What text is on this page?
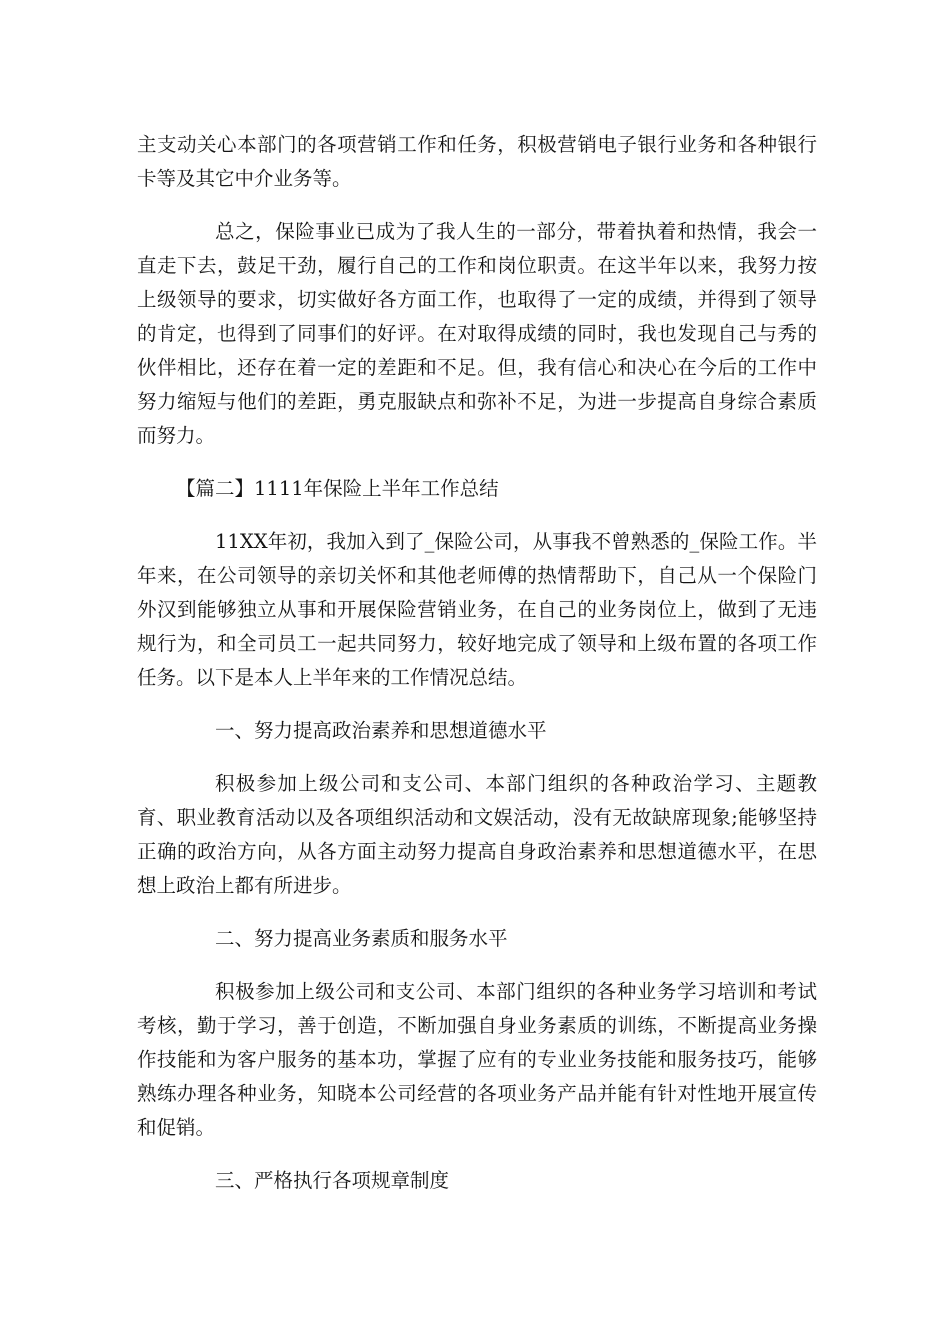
主支动关心本部门的各项营销工作和任务，积极营销电子银行业务和各种银行卡等及其它中介业务等。

总之，保险事业已成为了我人生的一部分，带着执着和热情，我会一直走下去，鼓足干劲，履行自己的工作和岗位职责。在这半年以来，我努力按上级领导的要求，切实做好各方面工作，也取得了一定的成绩，并得到了领导的肯定，也得到了同事们的好评。在对取得成绩的同时，我也发现自己与秀的伙伴相比，还存在着一定的差距和不足。但，我有信心和决心在今后的工作中努力缩短与他们的差距，勇克服缺点和弥补不足，为进一步提高自身综合素质而努力。

【篇二】1111年保险上半年工作总结

11XX年初，我加入到了_保险公司，从事我不曾熟悉的_保险工作。半年来，在公司领导的亲切关怀和其他老师傅的热情帮助下，自己从一个保险门外汉到能够独立从事和开展保险营销业务，在自己的业务岗位上，做到了无违规行为，和全司员工一起共同努力，较好地完成了领导和上级布置的各项工作任务。以下是本人上半年来的工作情况总结。

一、努力提高政治素养和思想道德水平

积极参加上级公司和支公司、本部门组织的各种政治学习、主题教育、职业教育活动以及各项组织活动和文娱活动，没有无故缺席现象;能够坚持正确的政治方向，从各方面主动努力提高自身政治素养和思想道德水平，在思想上政治上都有所进步。

二、努力提高业务素质和服务水平

积极参加上级公司和支公司、本部门组织的各种业务学习培训和考试考核，勤于学习，善于创造，不断加强自身业务素质的训练，不断提高业务操作技能和为客户服务的基本功，掌握了应有的专业业务技能和服务技巧，能够熟练办理各种业务，知晓本公司经营的各项业务产品并能有针对性地开展宣传和促销。

三、严格执行各项规章制度
